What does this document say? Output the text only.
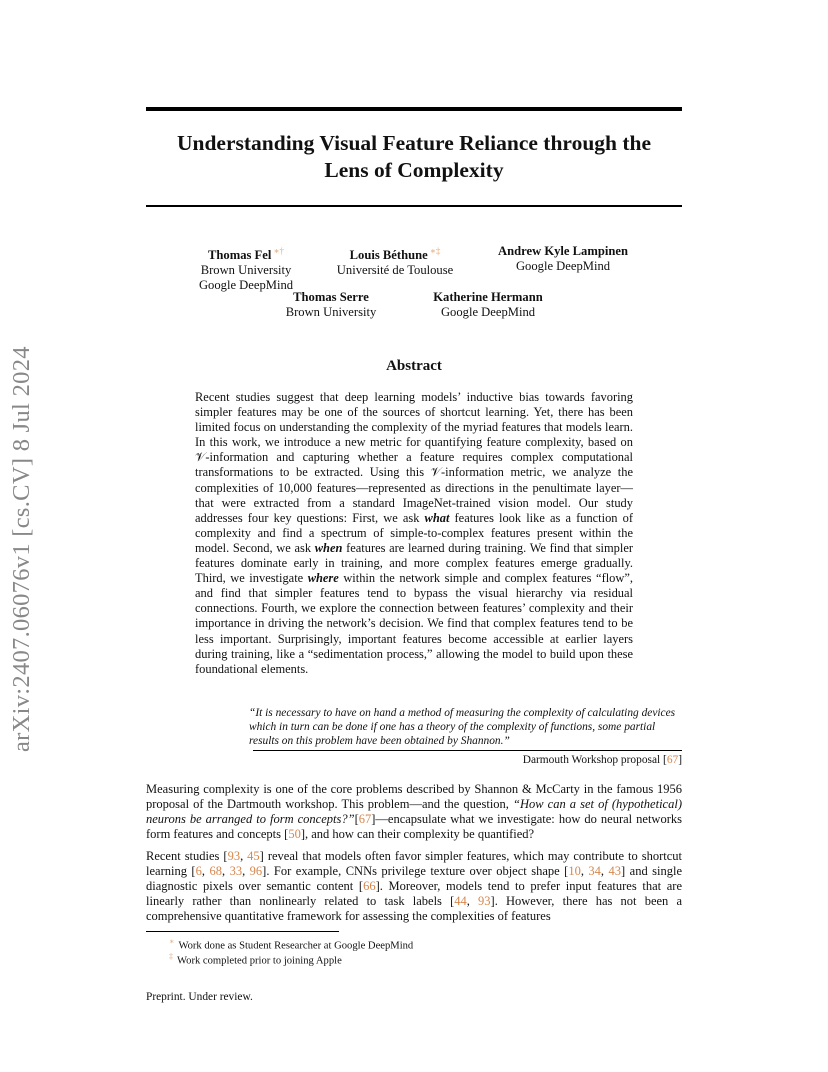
arXiv:2407.06076v1 [cs.CV] 8 Jul 2024
Understanding Visual Feature Reliance through the
Lens of Complexity
Thomas Fel ∗†
Brown University
Google DeepMind
Louis Béthune ∗‡
Université de Toulouse
Andrew Kyle Lampinen
Google DeepMind
Thomas Serre
Brown University
Katherine Hermann
Google DeepMind
Abstract
Recent studies suggest that deep learning models’ inductive bias towards favoring simpler features may be one of the sources of shortcut learning. Yet, there has been limited focus on understanding the complexity of the myriad features that models learn. In this work, we introduce a new metric for quantifying feature complexity, based on 𝒱-information and capturing whether a feature requires complex computational transformations to be extracted. Using this 𝒱-information metric, we analyze the complexities of 10,000 features—represented as directions in the penultimate layer—that were extracted from a standard ImageNet-trained vision model. Our study addresses four key questions: First, we ask what features look like as a function of complexity and find a spectrum of simple-to-complex features present within the model. Second, we ask when features are learned during training. We find that simpler features dominate early in training, and more complex features emerge gradually. Third, we investigate where within the network simple and complex features “flow”, and find that simpler features tend to bypass the visual hierarchy via residual connections. Fourth, we explore the connection between features’ complexity and their importance in driving the network’s decision. We find that complex features tend to be less important. Surprisingly, important features become accessible at earlier layers during training, like a “sedimentation process,” allowing the model to build upon these foundational elements.
“It is necessary to have on hand a method of measuring the complexity of calculating devices which in turn can be done if one has a theory of the complexity of functions, some partial results on this problem have been obtained by Shannon.”
Darmouth Workshop proposal [67]
Measuring complexity is one of the core problems described by Shannon & McCarty in the famous 1956 proposal of the Dartmouth workshop. This problem—and the question, “How can a set of (hypothetical) neurons be arranged to form concepts?”[67]—encapsulate what we investigate: how do neural networks form features and concepts [50], and how can their complexity be quantified?
Recent studies [93, 45] reveal that models often favor simpler features, which may contribute to shortcut learning [6, 68, 33, 96]. For example, CNNs privilege texture over object shape [10, 34, 43] and single diagnostic pixels over semantic content [66]. Moreover, models tend to prefer input features that are linearly rather than nonlinearly related to task labels [44, 93]. However, there has not been a comprehensive quantitative framework for assessing the complexities of features
∗ Work done as Student Researcher at Google DeepMind
‡ Work completed prior to joining Apple
Preprint. Under review.
